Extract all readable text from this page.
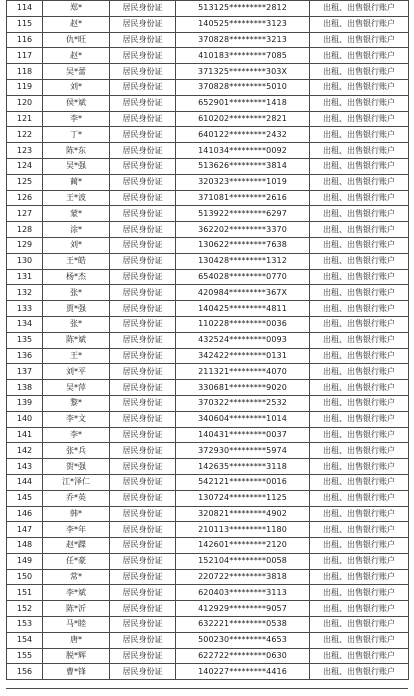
114	郑*	居民身份证	513125*********2812	出租、出售银行账户
115	赵*	居民身份证	140525*********3123	出租、出售银行账户
116	仇*旺	居民身份证	370828*********3213	出租、出售银行账户
117	赵*	居民身份证	410183*********7085	出租、出售银行账户
118	吴*蕾	居民身份证	371325*********303X	出租、出售银行账户
119	刘*	居民身份证	370828*********5010	出租、出售银行账户
120	侯*斌	居民身份证	652901*********1418	出租、出售银行账户
121	李*	居民身份证	610202*********2821	出租、出售银行账户
122	丁*	居民身份证	640122*********2432	出租、出售银行账户
123	陈*东	居民身份证	141034*********0092	出租、出售银行账户
124	吴*强	居民身份证	513626*********3814	出租、出售银行账户
125	蔺*	居民身份证	320323*********1019	出租、出售银行账户
126	王*波	居民身份证	371081*********2616	出租、出售银行账户
127	蒙*	居民身份证	513922*********6297	出租、出售银行账户
128	涂*	居民身份证	362202*********3370	出租、出售银行账户
129	刘*	居民身份证	130622*********7638	出租、出售银行账户
130	王*皓	居民身份证	130428*********1312	出租、出售银行账户
131	杨*杰	居民身份证	654028*********0770	出租、出售银行账户
132	张*	居民身份证	420984*********367X	出租、出售银行账户
133	贾*强	居民身份证	140425*********4811	出租、出售银行账户
134	张*	居民身份证	110228*********0036	出租、出售银行账户
135	陈*斌	居民身份证	432524*********0093	出租、出售银行账户
136	王*	居民身份证	342422*********0131	出租、出售银行账户
137	刘*平	居民身份证	211321*********4070	出租、出售银行账户
138	吴*萍	居民身份证	330681*********9020	出租、出售银行账户
139	黎*	居民身份证	370322*********2532	出租、出售银行账户
140	李*文	居民身份证	340604*********1014	出租、出售银行账户
141	李*	居民身份证	140431*********0037	出租、出售银行账户
142	张*兵	居民身份证	372930*********5974	出租、出售银行账户
143	贺*强	居民身份证	142635*********3118	出租、出售银行账户
144	江*泽仁	居民身份证	542121*********0016	出租、出售银行账户
145	乔*英	居民身份证	130724*********1125	出租、出售银行账户
146	韩*	居民身份证	320821*********4902	出租、出售银行账户
147	李*年	居民身份证	210113*********1180	出租、出售银行账户
148	赵*蹀	居民身份证	142601*********2120	出租、出售银行账户
149	任*豪	居民身份证	152104*********0058	出租、出售银行账户
150	常*	居民身份证	220722*********3818	出租、出售银行账户
151	李*斌	居民身份证	620403*********3113	出租、出售银行账户
152	陈*沂	居民身份证	412929*********9057	出租、出售银行账户
153	马*睦	居民身份证	632221*********0538	出租、出售银行账户
154	唐*	居民身份证	500230*********4653	出租、出售银行账户
155	脱*辉	居民身份证	622722*********0630	出租、出售银行账户
156	曹*锋	居民身份证	140227*********4416	出租、出售银行账户
